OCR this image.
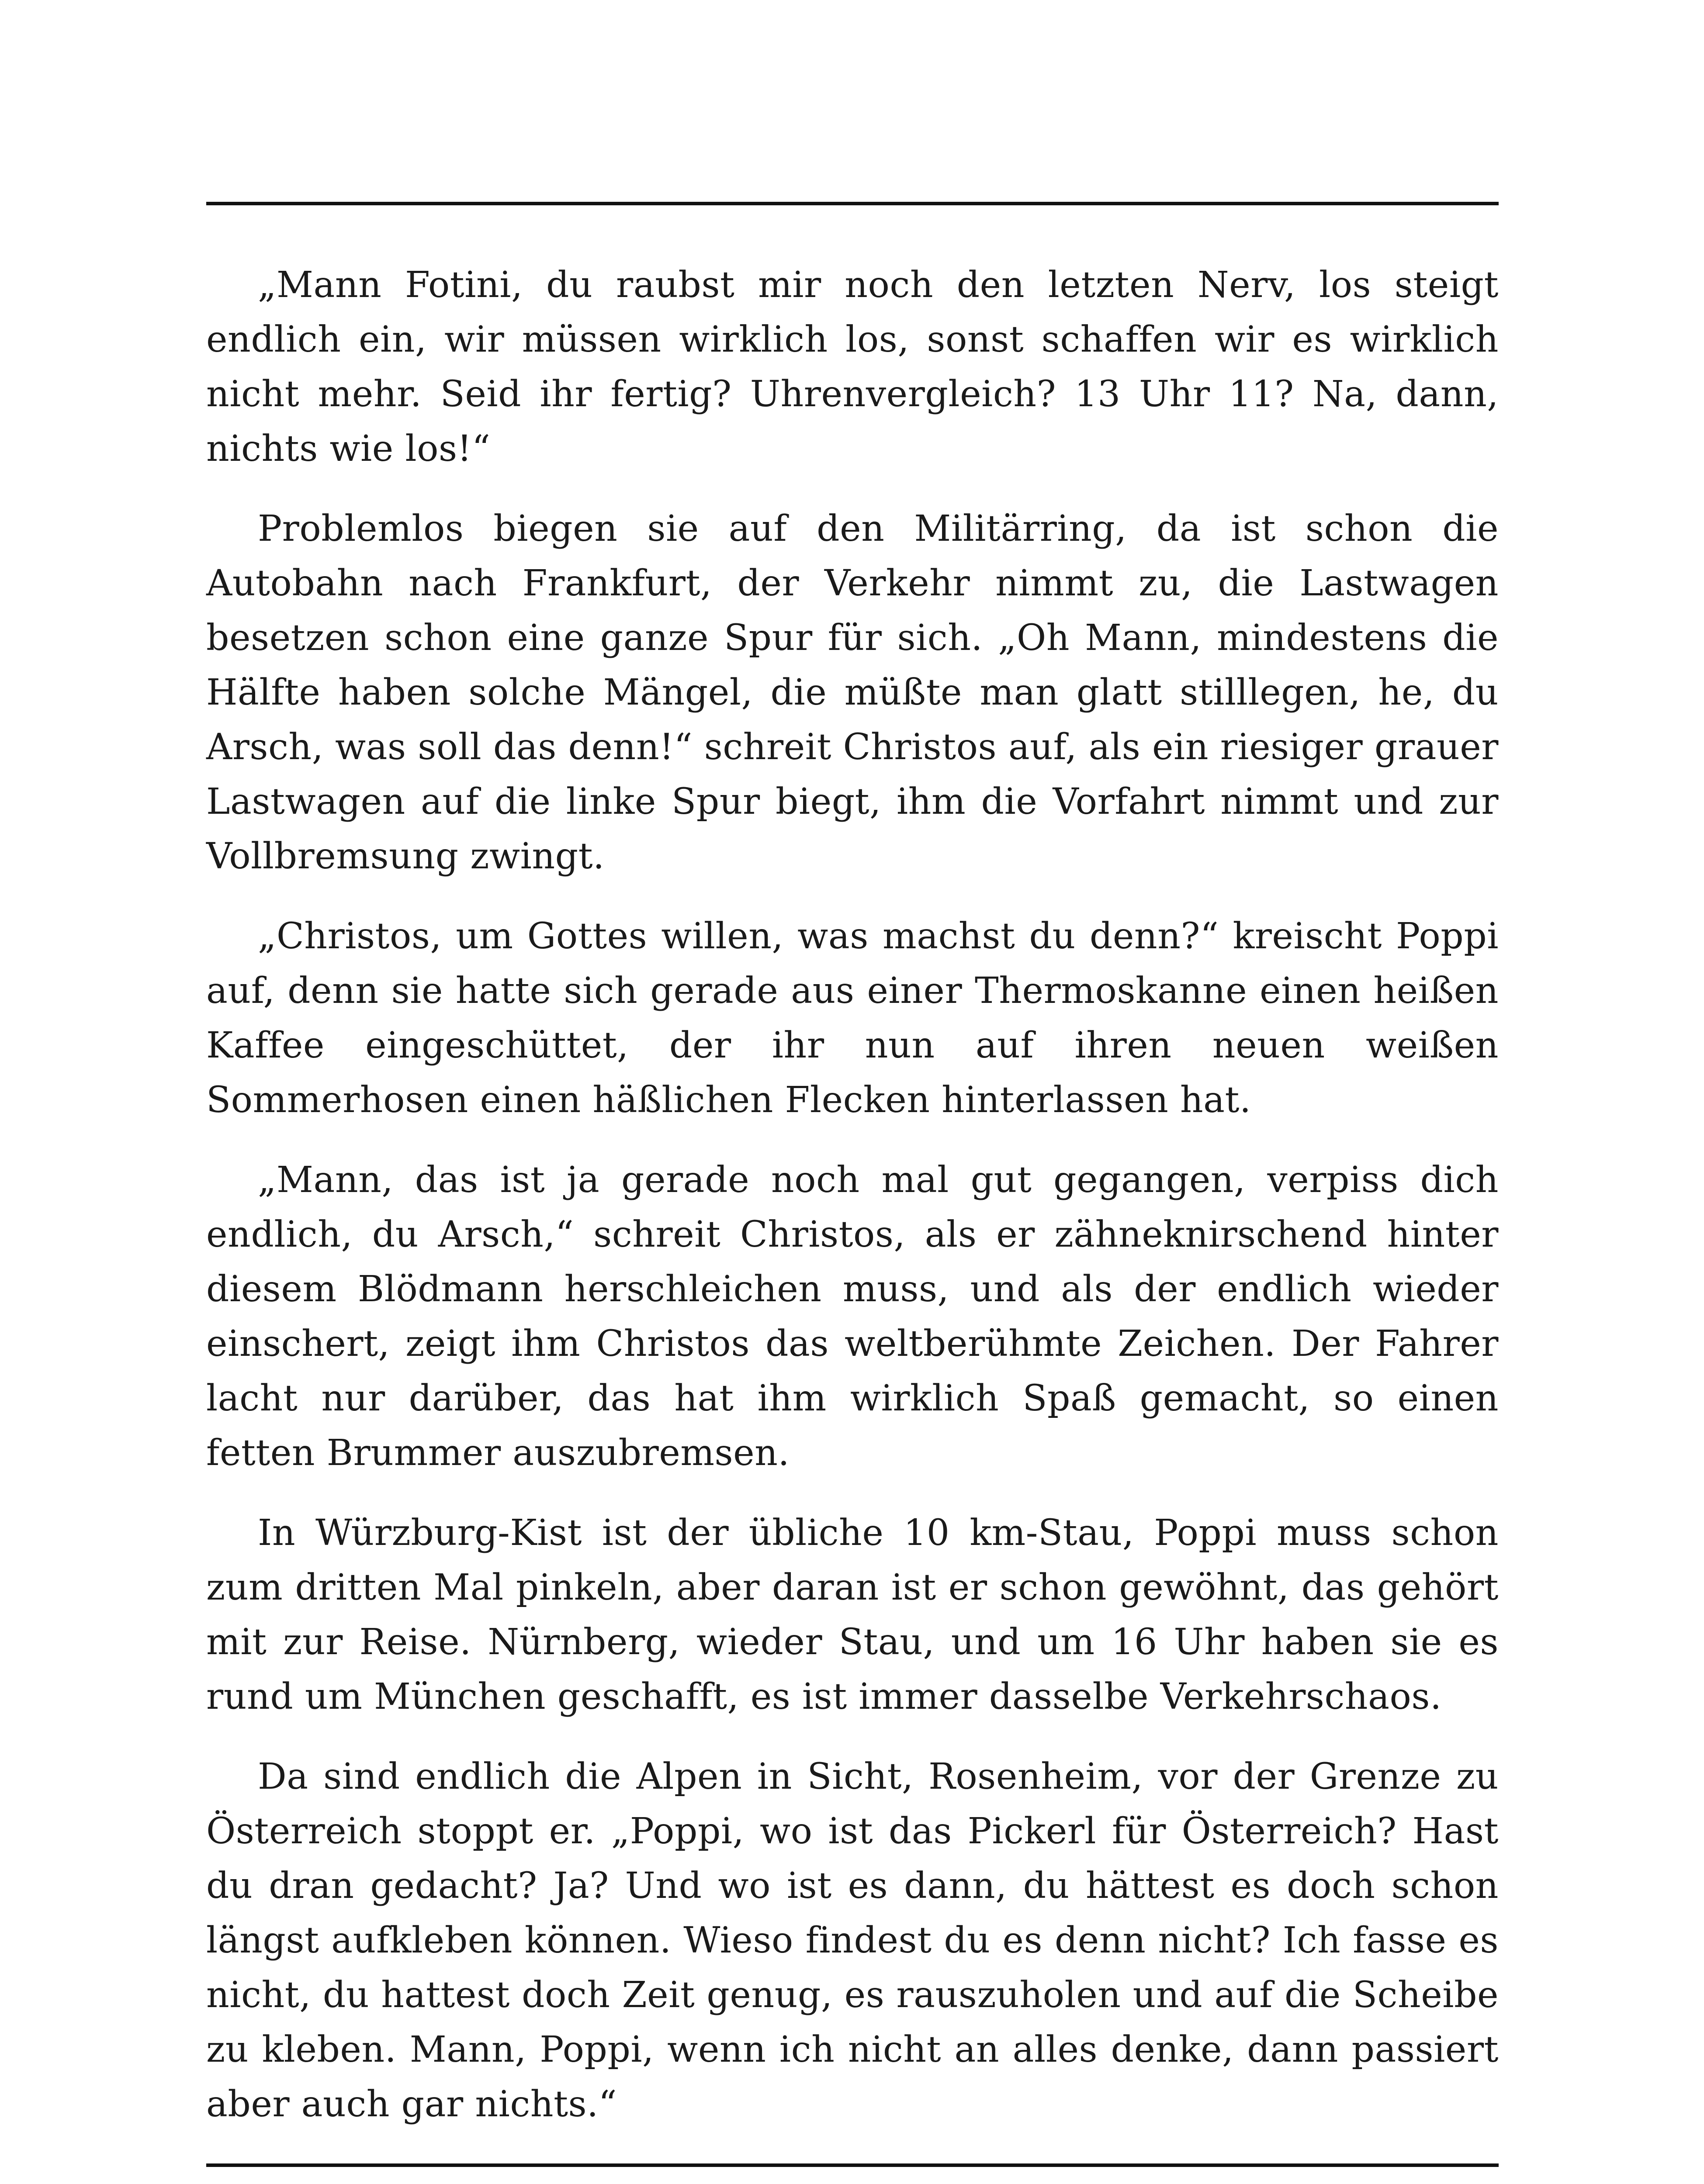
„Mann Fotini, du raubst mir noch den letzten Nerv, los steigt endlich ein, wir müssen wirklich los, sonst schaffen wir es wirklich nicht mehr. Seid ihr fertig? Uhrenvergleich? 13 Uhr 11? Na, dann, nichts wie los!“

Problemlos biegen sie auf den Militärring, da ist schon die Autobahn nach Frankfurt, der Verkehr nimmt zu, die Lastwagen besetzen schon eine ganze Spur für sich. „Oh Mann, mindestens die Hälfte haben solche Mängel, die müßte man glatt stilllegen, he, du Arsch, was soll das denn!“ schreit Christos auf, als ein riesiger grauer Lastwagen auf die linke Spur biegt, ihm die Vorfahrt nimmt und zur Vollbremsung zwingt.

„Christos, um Gottes willen, was machst du denn?“ kreischt Poppi auf, denn sie hatte sich gerade aus einer Thermoskanne einen heißen Kaffee eingeschüttet, der ihr nun auf ihren neuen weißen Sommerhosen einen häßlichen Flecken hinterlassen hat.

„Mann, das ist ja gerade noch mal gut gegangen, verpiss dich endlich, du Arsch,“ schreit Christos, als er zähneknirschend hinter diesem Blödmann herschleichen muss, und als der endlich wieder einschert, zeigt ihm Christos das weltberühmte Zeichen. Der Fahrer lacht nur darüber, das hat ihm wirklich Spaß gemacht, so einen fetten Brummer auszubremsen.

In Würzburg-Kist ist der übliche 10 km-Stau, Poppi muss schon zum dritten Mal pinkeln, aber daran ist er schon gewöhnt, das gehört mit zur Reise. Nürnberg, wieder Stau, und um 16 Uhr haben sie es rund um München geschafft, es ist immer dasselbe Verkehrschaos.

Da sind endlich die Alpen in Sicht, Rosenheim, vor der Grenze zu Österreich stoppt er. „Poppi, wo ist das Pickerl für Österreich? Hast du dran gedacht? Ja? Und wo ist es dann, du hättest es doch schon längst aufkleben können. Wieso findest du es denn nicht? Ich fasse es nicht, du hattest doch Zeit genug, es rauszuholen und auf die Scheibe zu kleben. Mann, Poppi, wenn ich nicht an alles denke, dann passiert aber auch gar nichts.“
